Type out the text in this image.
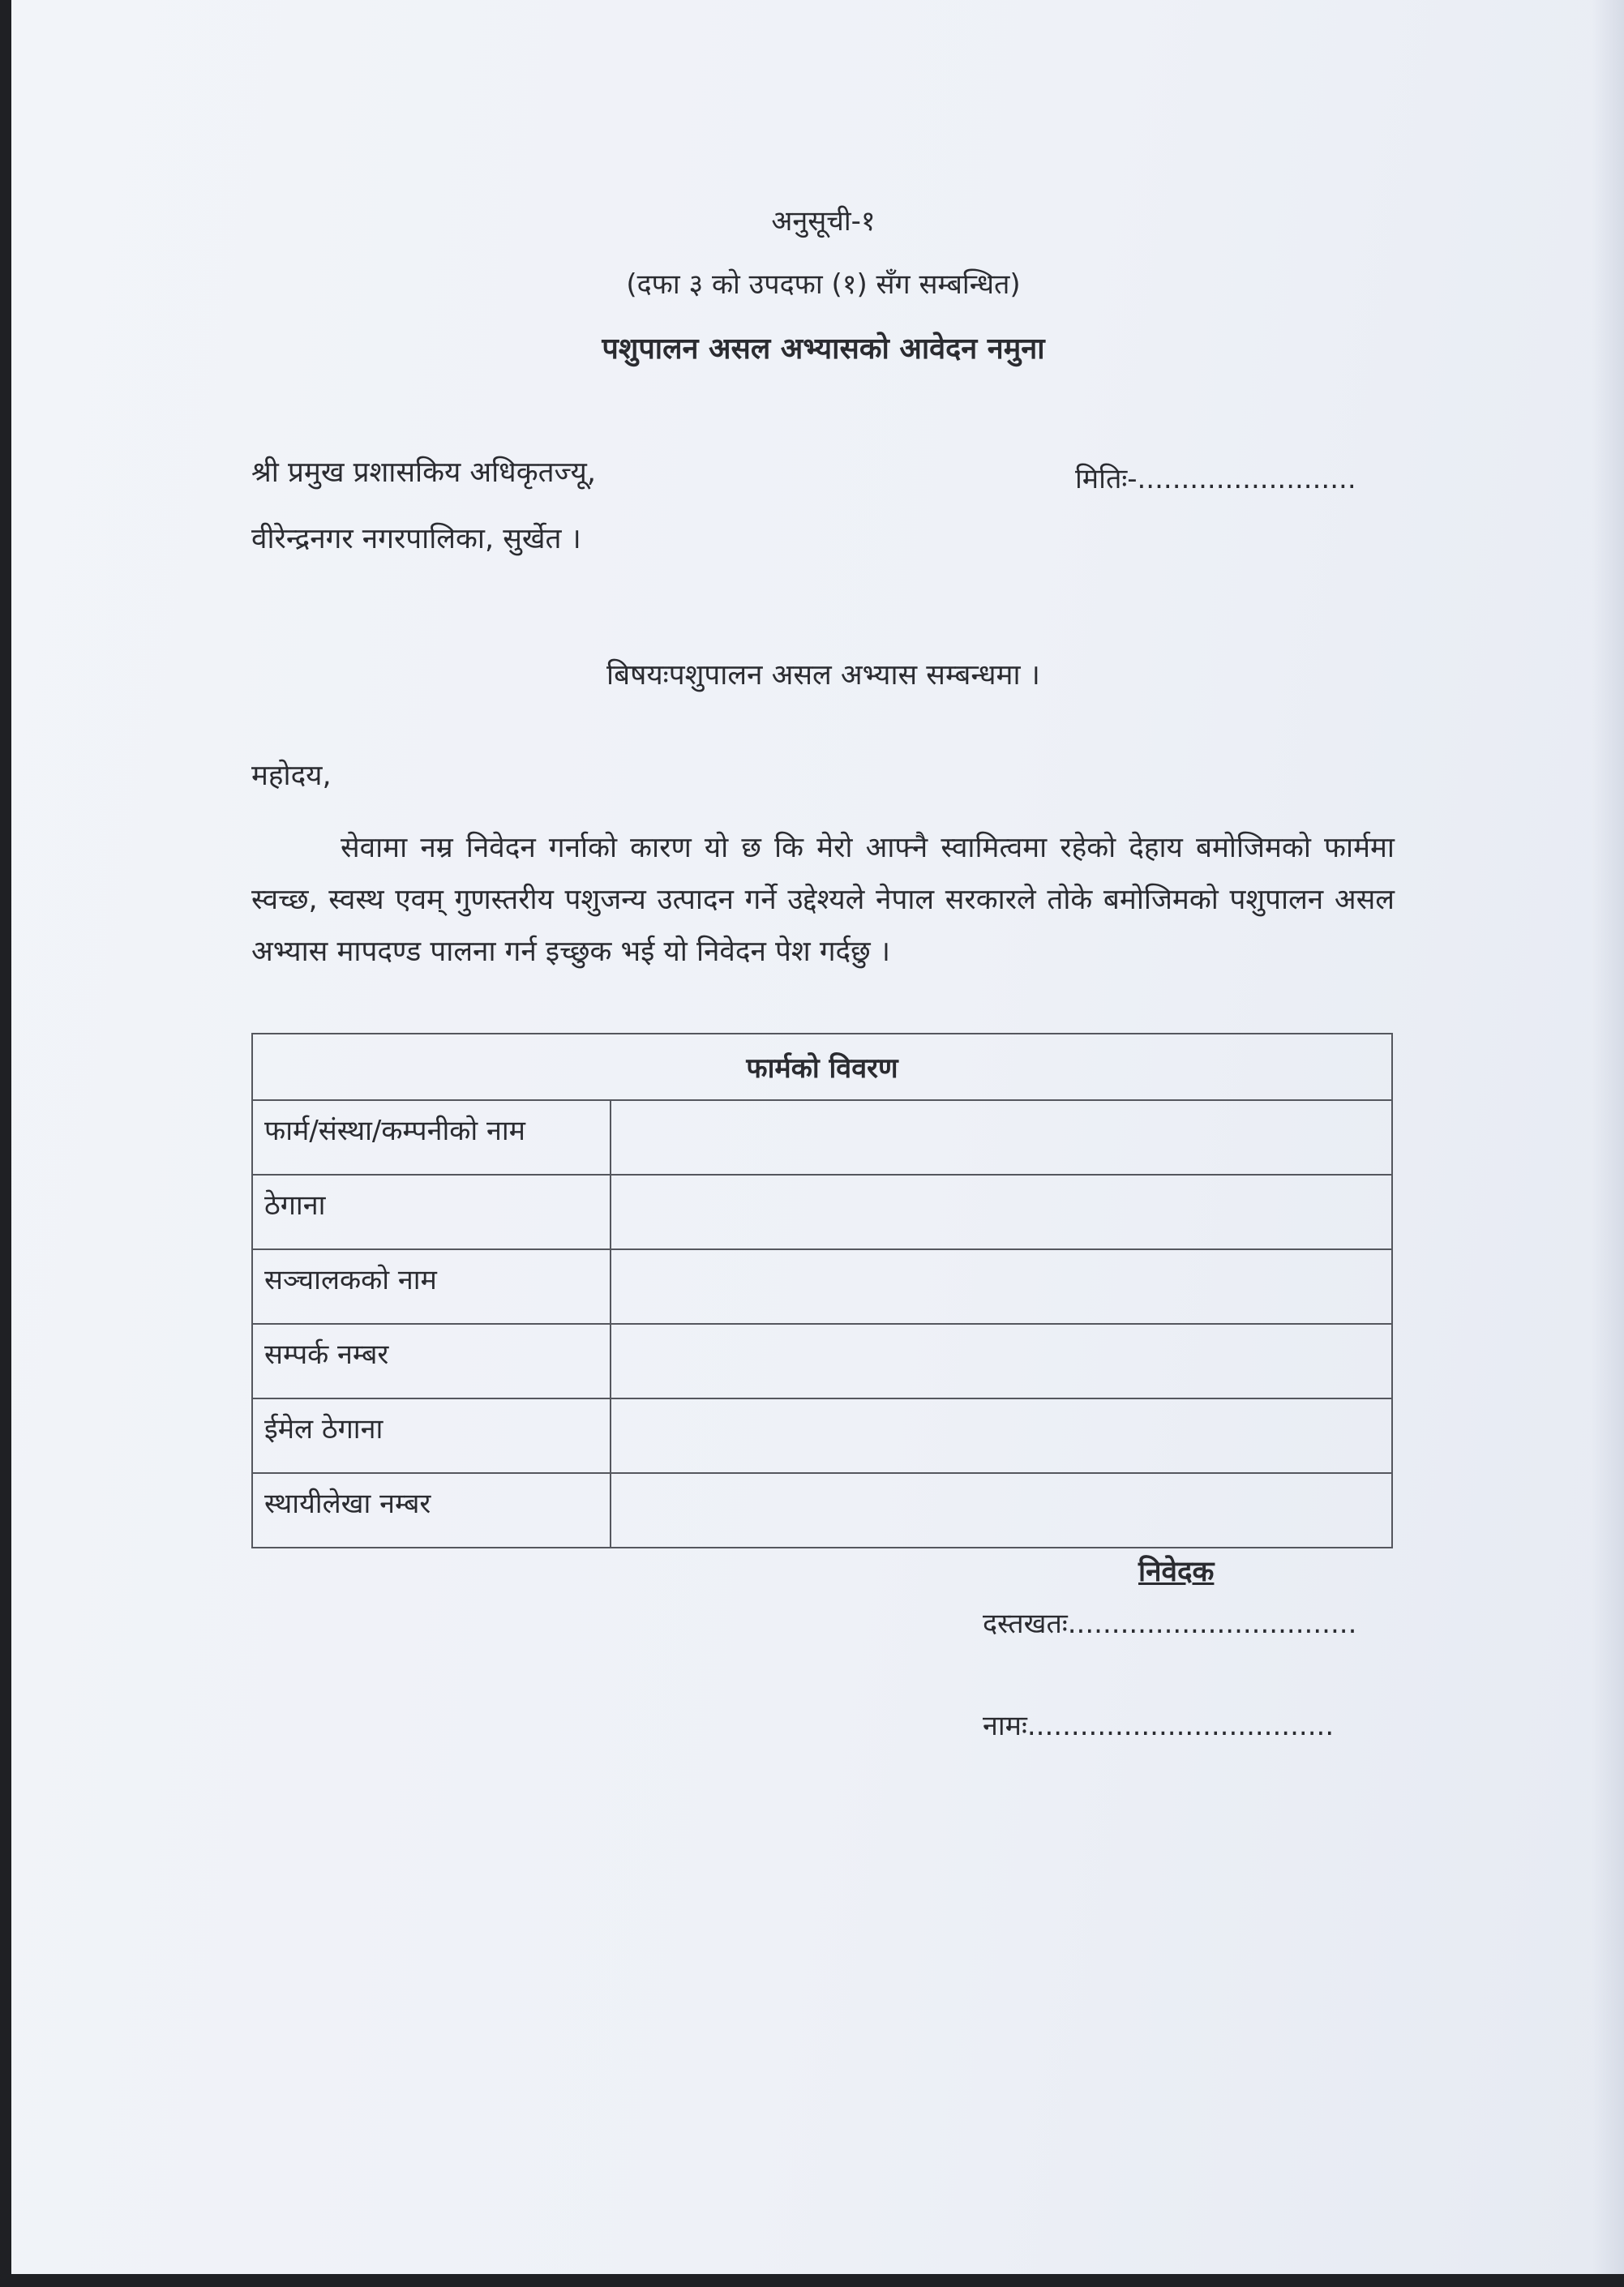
अनुसूची-१
(दफा ३ को उपदफा (१) सँग सम्बन्धित)
पशुपालन असल अभ्यासको आवेदन नमुना
श्री प्रमुख प्रशासकिय अधिकृतज्यू,
वीरेन्द्रनगर नगरपालिका, सुर्खेत ।
मितिः-.........................
बिषयःपशुपालन असल अभ्यास सम्बन्धमा ।
महोदय,
सेवामा नम्र निवेदन गर्नाको कारण यो छ कि मेरो आफ्नै स्वामित्वमा रहेको देहाय बमोजिमको फार्ममा स्वच्छ, स्वस्थ एवम् गुणस्तरीय पशुजन्य उत्पादन गर्ने उद्देश्यले नेपाल सरकारले तोके बमोजिमको पशुपालन असल अभ्यास मापदण्ड पालना गर्न इच्छुक भई यो निवेदन पेश गर्दछु ।
फार्मको विवरण	
फार्म/संस्था/कम्पनीको नाम	
ठेगाना	
सञ्चालकको नाम	
सम्पर्क नम्बर	
ईमेल ठेगाना	
स्थायीलेखा नम्बर	
निवेदक
दस्तखतः.................................
नामः...................................
